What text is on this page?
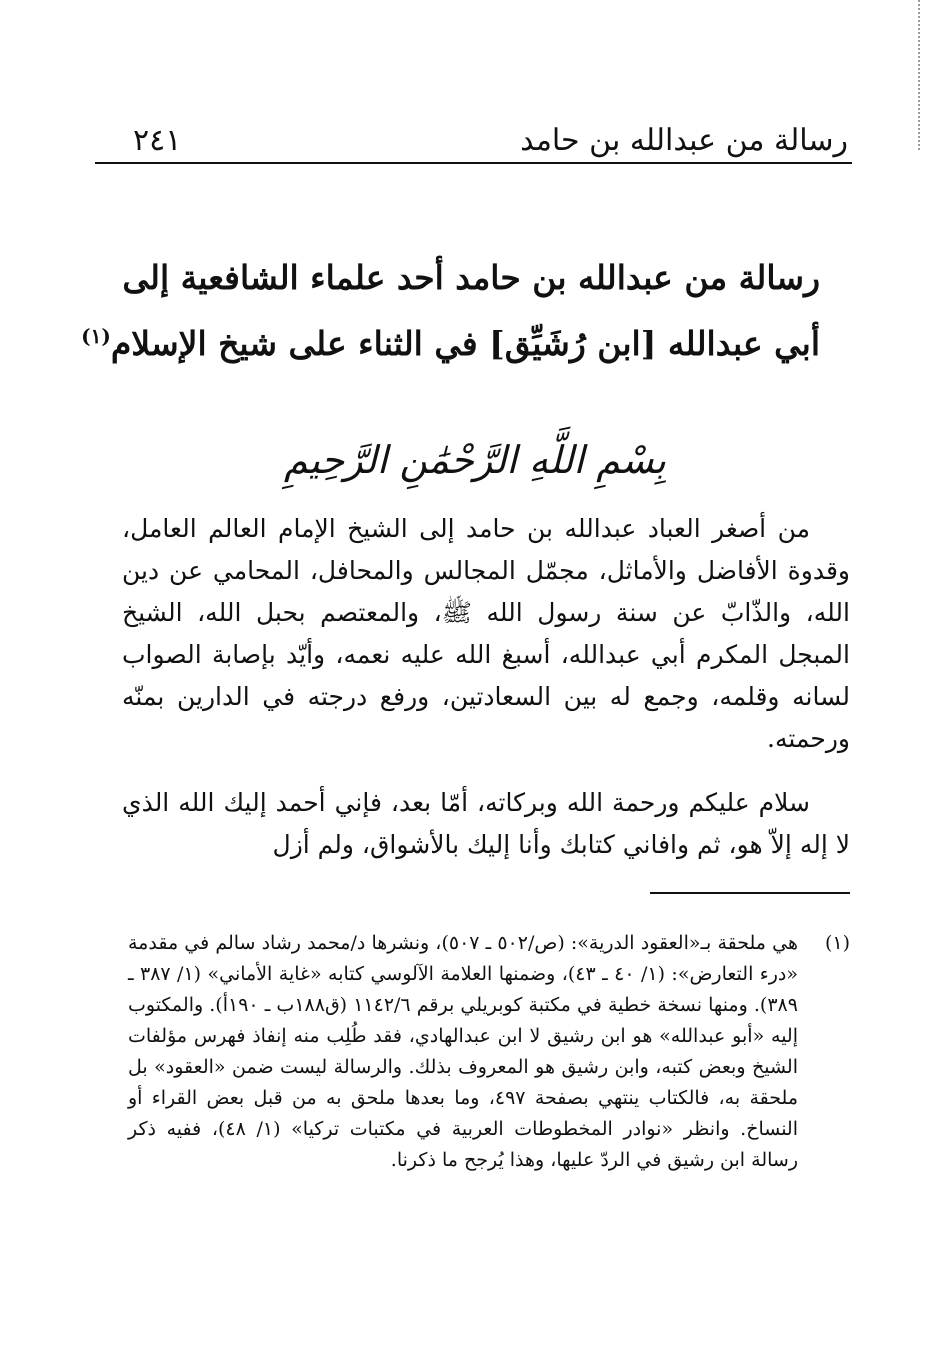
رسالة من عبدالله بن حامد
٢٤١
رسالة من عبدالله بن حامد أحد علماء الشافعية إلى
أبي عبدالله [ابن رُشَيِّق] في الثناء على شيخ الإسلام$^{(١)}$
بِسْمِ اللَّهِ الرَّحْمَٰنِ الرَّحِيمِ

من أصغر العباد عبدالله بن حامد إلى الشيخ الإمام العالم العامل، وقدوة الأفاضل والأماثل، مجمّل المجالس والمحافل، المحامي عن دين الله، والذّابّ عن سنة رسول الله ﷺ، والمعتصم بحبل الله، الشيخ المبجل المكرم أبي عبدالله، أسبغ الله عليه نعمه، وأيّد بإصابة الصواب لسانه وقلمه، وجمع له بين السعادتين، ورفع درجته في الدارين بمنّه ورحمته.

سلام عليكم ورحمة الله وبركاته، أمّا بعد، فإني أحمد إليك الله الذي لا إله إلاّ هو، ثم وافاني كتابك وأنا إليك بالأشواق، ولم أزل

(١)
هي ملحقة بـ«العقود الدرية»: (ص/٥٠٢ ـ ٥٠٧)، ونشرها د/محمد رشاد سالم في مقدمة «درء التعارض»: (١/ ٤٠ ـ ٤٣)، وضمنها العلامة الآلوسي كتابه «غاية الأماني» (١/ ٣٨٧ ـ ٣٨٩). ومنها نسخة خطية في مكتبة كوبريلي برقم ١١٤٢/٦ (ق١٨٨ب ـ ١٩٠أ). والمكتوب إليه «أبو عبدالله» هو ابن رشيق لا ابن عبدالهادي، فقد طُلِب منه إنفاذ فهرس مؤلفات الشيخ وبعض كتبه، وابن رشيق هو المعروف بذلك. والرسالة ليست ضمن «العقود» بل ملحقة به، فالكتاب ينتهي بصفحة ٤٩٧، وما بعدها ملحق به من قبل بعض القراء أو النساخ. وانظر «نوادر المخطوطات العربية في مكتبات تركيا» (١/ ٤٨)، ففيه ذكر رسالة ابن رشيق في الردّ عليها، وهذا يُرجح ما ذكرنا.
